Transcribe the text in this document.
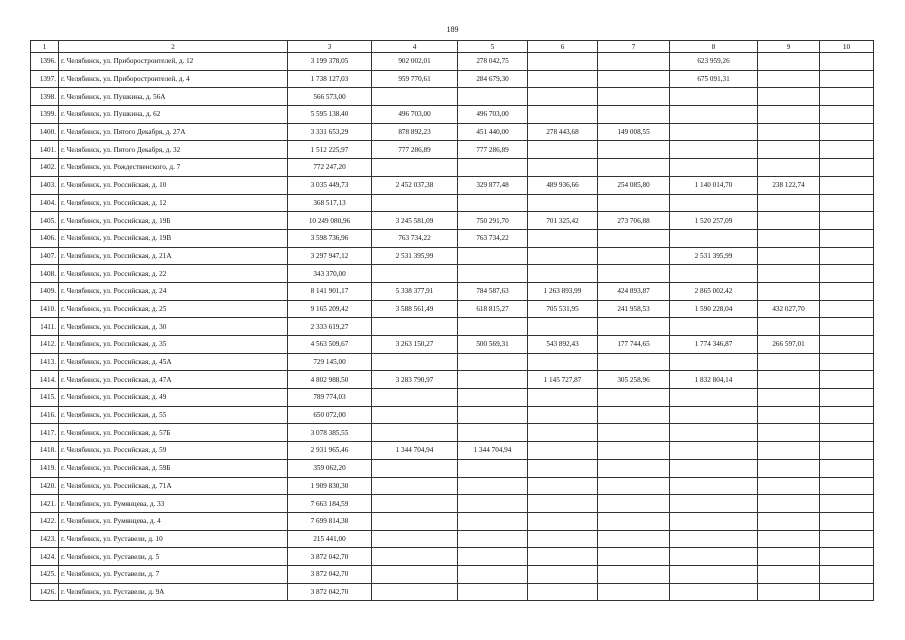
189
1	2	3	4	5	6	7	8	9	10
1396.	г. Челябинск, ул. Приборостроителей, д. 12	3 199 378,05	902 002,01	278 042,75			623 959,26		
1397.	г. Челябинск, ул. Приборостроителей, д. 4	1 738 127,03	959 770,61	284 679,30			675 091,31		
1398.	г. Челябинск, ул. Пушкина, д. 56А	566 573,00							
1399.	г. Челябинск, ул. Пушкина, д. 62	5 595 138,40	496 703,00	496 703,00					
1400.	г. Челябинск, ул. Пятого Декабря, д. 27А	3 331 653,29	878 892,23	451 440,00	278 443,68	149 008,55			
1401.	г. Челябинск, ул. Пятого Декабря, д. 32	1 512 225,97	777 286,89	777 286,89					
1402.	г. Челябинск, ул. Рождественского, д. 7	772 247,20							
1403.	г. Челябинск, ул. Российская, д. 10	3 035 449,73	2 452 037,38	329 877,48	489 936,66	254 085,80	1 140 014,70	238 122,74	
1404.	г. Челябинск, ул. Российская, д. 12	368 517,13							
1405.	г. Челябинск, ул. Российская, д. 19Б	10 249 080,96	3 245 581,09	750 291,70	701 325,42	273 706,88	1 520 257,09		
1406.	г. Челябинск, ул. Российская, д. 19В	3 598 736,96	763 734,22	763 734,22					
1407.	г. Челябинск, ул. Российская, д. 21А	3 297 947,12	2 531 395,99				2 531 395,99		
1408.	г. Челябинск, ул. Российская, д. 22	343 370,00							
1409.	г. Челябинск, ул. Российская, д. 24	8 141 901,17	5 338 377,91	784 587,63	1 263 893,99	424 893,87	2 865 002,42		
1410.	г. Челябинск, ул. Российская, д. 25	9 165 209,42	3 588 561,49	618 815,27	705 531,95	241 958,53	1 590 228,04	432 027,70	
1411.	г. Челябинск, ул. Российская, д. 30	2 333 619,27							
1412.	г. Челябинск, ул. Российская, д. 35	4 563 509,67	3 263 150,27	500 569,31	543 892,43	177 744,65	1 774 346,87	266 597,01	
1413.	г. Челябинск, ул. Российская, д. 45А	729 145,00							
1414.	г. Челябинск, ул. Российская, д. 47А	4 802 988,50	3 283 790,97		1 145 727,87	305 258,96	1 832 804,14		
1415.	г. Челябинск, ул. Российская, д. 49	789 774,03							
1416.	г. Челябинск, ул. Российская, д. 55	650 072,00							
1417.	г. Челябинск, ул. Российская, д. 57Б	3 078 385,55							
1418.	г. Челябинск, ул. Российская, д. 59	2 931 965,46	1 344 704,94	1 344 704,94					
1419.	г. Челябинск, ул. Российская, д. 59Б	359 062,20							
1420.	г. Челябинск, ул. Российская, д. 71А	1 909 830,30							
1421.	г. Челябинск, ул. Румянцева, д. 33	7 663 184,59							
1422.	г. Челябинск, ул. Румянцева, д. 4	7 699 814,38							
1423.	г. Челябинск, ул. Руставели, д. 10	215 441,00							
1424.	г. Челябинск, ул. Руставели, д. 5	3 872 042,70							
1425.	г. Челябинск, ул. Руставели, д. 7	3 872 042,70							
1426.	г. Челябинск, ул. Руставели, д. 9А	3 872 042,70							
